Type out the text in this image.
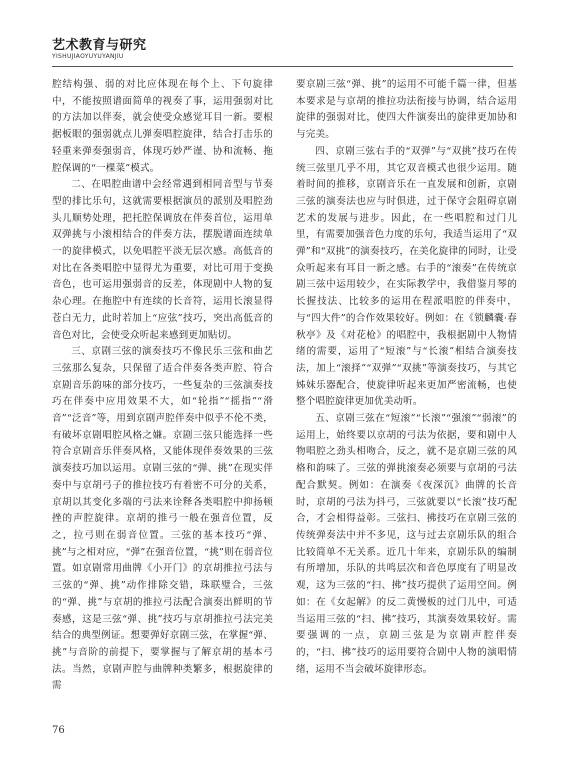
艺术教育与研究
YISHUJIAOYUYUYANJIU

腔结构强、弱的对比应体现在每个上、下句旋律中，不能按照谱面简单的视奏了事，运用强弱对比的方法加以伴奏，就会使受众感觉耳目一新。要根据板眼的强弱就点儿弹奏唱腔旋律，结合打击乐的轻重来弹奏强弱音，体现巧妙严谨、协和流畅、拖腔保调的“一棵菜”模式。

二、在唱腔曲谱中会经常遇到相同音型与节奏型的排比乐句，这就需要根据演员的派别及唱腔劲头儿顺势处理，把托腔保调放在伴奏首位，运用单双弹挑与小滚相结合的伴奏方法，摆脱谱面连续单一的旋律模式，以免唱腔平淡无层次感。高低音的对比在各类唱腔中显得尤为重要，对比可用于变换音色，也可运用强弱音的反差，体现剧中人物的复杂心理。在拖腔中有连续的长音符，运用长滚显得苍白无力，此时若加上“应弦”技巧，突出高低音的音色对比，会使受众听起来感到更加贴切。

三、京剧三弦的演奏技巧不像民乐三弦和曲艺三弦那么复杂，只保留了适合伴奏各类声腔、符合京剧音乐韵味的部分技巧，一些复杂的三弦演奏技巧在伴奏中应用效果不大，如“轮指”“摇指”“滑音”“泛音”等，用到京剧声腔伴奏中似乎不伦不类，有破坏京剧唱腔风格之嫌。京剧三弦只能选择一些符合京剧音乐伴奏风格，又能体现伴奏效果的三弦演奏技巧加以运用。京剧三弦的“弹、挑”在现实伴奏中与京胡弓子的推拉技巧有着密不可分的关系，京胡以其变化多端的弓法来诠释各类唱腔中抑扬顿挫的声腔旋律。京胡的推弓一般在强音位置，反之，拉弓则在弱音位置。三弦的基本技巧“弹、挑”与之相对应，“弹”在强音位置，“挑”则在弱音位置。如京剧常用曲牌《小开门》的京胡推拉弓法与三弦的“弹、挑”动作排除交错，珠联璧合，三弦的“弹、挑”与京胡的推拉弓法配合演奏出鲜明的节奏感，这是三弦“弹、挑”技巧与京胡推拉弓法完美结合的典型例证。想要弹好京剧三弦，在掌握“弹、挑”与音阶的前提下，要掌握与了解京胡的基本弓法。当然，京剧声腔与曲牌种类繁多，根据旋律的需

要京剧三弦“弹、挑”的运用不可能千篇一律，但基本要求是与京胡的推拉功法衔接与协调，结合运用旋律的强弱对比，使四大件演奏出的旋律更加协和与完美。

四、京剧三弦右手的“双弹”与“双挑”技巧在传统三弦里几乎不用，其它双音模式也很少运用。随着时间的推移，京剧音乐在一直发展和创新，京剧三弦的演奏法也应与时俱进，过于保守会阻碍京剧艺术的发展与进步。因此，在一些唱腔和过门儿里，有需要加强音色力度的乐句，我适当运用了“双弹”和“双挑”的演奏技巧，在美化旋律的同时，让受众听起来有耳目一新之感。右手的“滚奏”在传统京剧三弦中运用较少，在实际教学中，我借鉴月琴的长握技法、比较多的运用在程派唱腔的伴奏中，与“四大件”的合作效果较好。例如：在《锁麟囊·春秋亭》及《对花枪》的唱腔中，我根据剧中人物情绪的需要，运用了“短滚”与“长滚”相结合演奏技法，加上“滚择”“双弹”“双挑”等演奏技巧，与其它姊妹乐器配合，使旋律听起来更加严密流畅，也使整个唱腔旋律更加优美动听。

五、京剧三弦在“短滚”“长滚”“强滚”“弱滚”的运用上，始终要以京胡的弓法为依据，要和剧中人物唱腔之劲头相吻合，反之，就不是京剧三弦的风格和韵味了。三弦的弹挑滚奏必须要与京胡的弓法配合默契。例如：在演奏《夜深沉》曲牌的长音时，京胡的弓法为抖弓，三弦就要以“长滚”技巧配合，才会相得益彰。三弦扫、拂技巧在京剧三弦的传统弹奏法中并不多见，这与过去京剧乐队的组合比较简单不无关系。近几十年来，京剧乐队的编制有所增加，乐队的共鸣层次和音色厚度有了明显改观，这为三弦的“扫、拂”技巧提供了运用空间。例如：在《女起解》的反二黄慢板的过门儿中，可适当运用三弦的“扫、拂”技巧，其演奏效果较好。需要强调的一点，京剧三弦是为京剧声腔伴奏的，“扫、拂”技巧的运用要符合剧中人物的演唱情绪，运用不当会破坏旋律形态。

76
